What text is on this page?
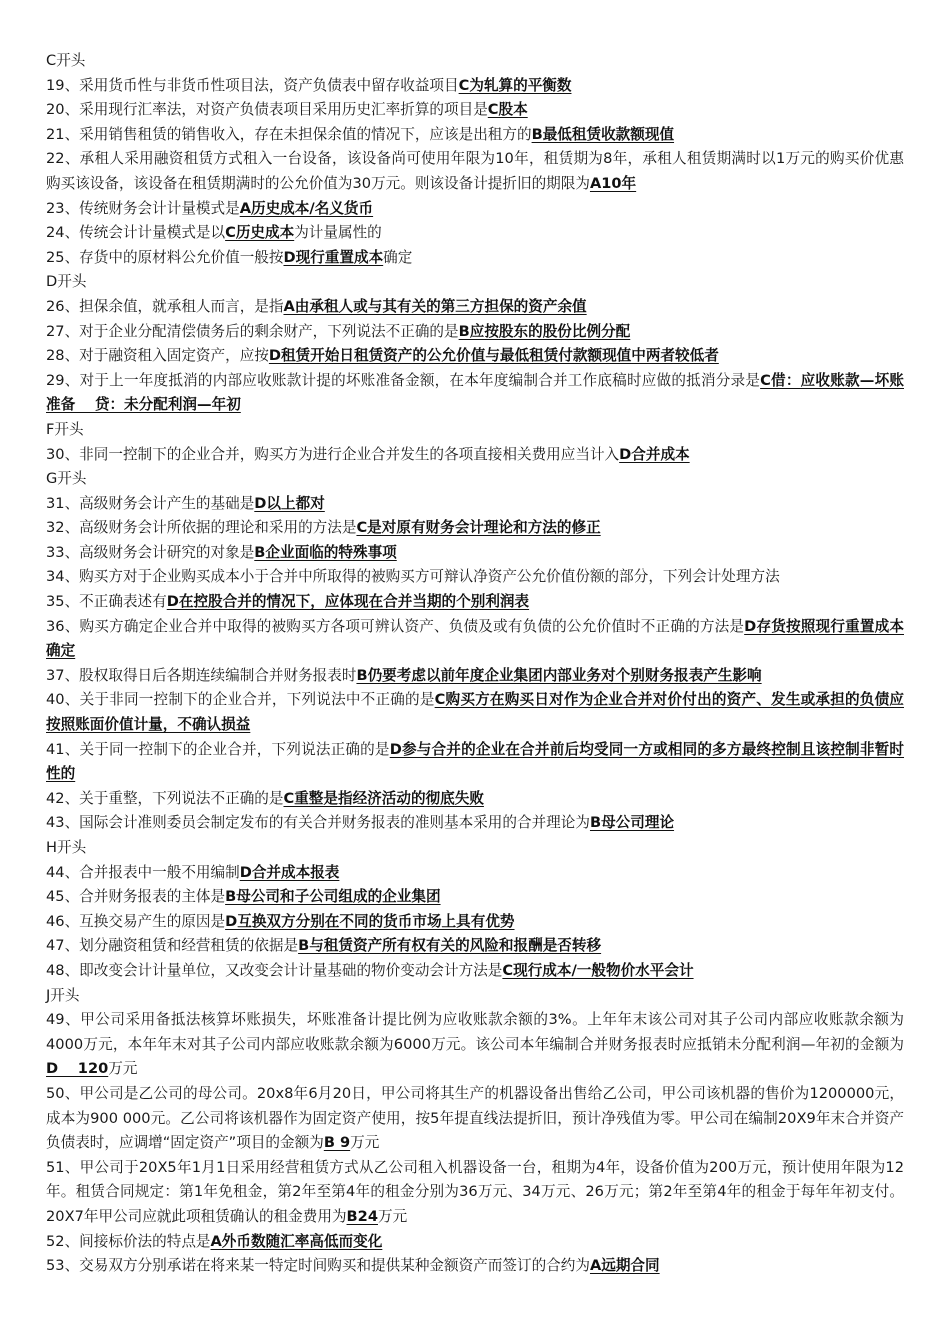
C开头

19、采用货币性与非货币性项目法，资产负债表中留存收益项目C为轧算的平衡数

20、采用现行汇率法，对资产负债表项目采用历史汇率折算的项目是C股本

21、采用销售租赁的销售收入，存在未担保余值的情况下，应该是出租方的B最低租赁收款额现值

22、承租人采用融资租赁方式租入一台设备，该设备尚可使用年限为10年，租赁期为8年，承租人租赁期满时以1万元的购买价优惠购买该设备，该设备在租赁期满时的公允价值为30万元。则该设备计提折旧的期限为A10年

23、传统财务会计计量模式是A历史成本/名义货币

24、传统会计计量模式是以C历史成本为计量属性的

25、存货中的原材料公允价值一般按D现行重置成本确定

D开头

26、担保余值，就承租人而言，是指A由承租人或与其有关的第三方担保的资产余值

27、对于企业分配清偿债务后的剩余财产，下列说法不正确的是B应按股东的股份比例分配

28、对于融资租入固定资产，应按D租赁开始日租赁资产的公允价值与最低租赁付款额现值中两者较低者

29、对于上一年度抵消的内部应收账款计提的坏账准备金额，在本年度编制合并工作底稿时应做的抵消分录是C借：应收账款—坏账准备　 贷：未分配利润—年初

F开头

30、非同一控制下的企业合并，购买方为进行企业合并发生的各项直接相关费用应当计入D合并成本

G开头

31、高级财务会计产生的基础是D以上都对

32、高级财务会计所依据的理论和采用的方法是C是对原有财务会计理论和方法的修正

33、高级财务会计研究的对象是B企业面临的特殊事项

34、购买方对于企业购买成本小于合并中所取得的被购买方可辩认净资产公允价值份额的部分，下列会计处理方法

35、不正确表述有D在控股合并的情况下，应体现在合并当期的个别利润表

36、购买方确定企业合并中取得的被购买方各项可辨认资产、负债及或有负债的公允价值时不正确的方法是D存货按照现行重置成本确定

37、股权取得日后各期连续编制合并财务报表时B仍要考虑以前年度企业集团内部业务对个别财务报表产生影响

40、关于非同一控制下的企业合并，下列说法中不正确的是C购买方在购买日对作为企业合并对价付出的资产、发生或承担的负债应按照账面价值计量，不确认损益

41、关于同一控制下的企业合并，下列说法正确的是D参与合并的企业在合并前后均受同一方或相同的多方最终控制且该控制非暂时性的

42、关于重整，下列说法不正确的是C重整是指经济活动的彻底失败

43、国际会计准则委员会制定发布的有关合并财务报表的准则基本采用的合并理论为B母公司理论

H开头

44、合并报表中一般不用编制D合并成本报表

45、合并财务报表的主体是B母公司和子公司组成的企业集团

46、互换交易产生的原因是D互换双方分别在不同的货币市场上具有优势

47、划分融资租赁和经营租赁的依据是B与租赁资产所有权有关的风险和报酬是否转移

48、即改变会计计量单位，又改变会计计量基础的物价变动会计方法是C现行成本/一般物价水平会计

J开头

49、甲公司采用备抵法核算坏账损失，坏账准备计提比例为应收账款余额的3%。上年年末该公司对其子公司内部应收账款余额为4000万元，本年年末对其子公司内部应收账款余额为6000万元。该公司本年编制合并财务报表时应抵销未分配利润—年初的金额为D　 120万元

50、甲公司是乙公司的母公司。20x8年6月20日，甲公司将其生产的机器设备出售给乙公司，甲公司该机器的售价为1200000元，成本为900 000元。乙公司将该机器作为固定资产使用，按5年提直线法提折旧，预计净残值为零。甲公司在编制20X9年末合并资产负债表时，应调增“固定资产”项目的金额为B 9万元

51、甲公司于20X5年1月1日采用经营租赁方式从乙公司租入机器设备一台，租期为4年，设备价值为200万元，预计使用年限为12年。租赁合同规定：第1年免租金，第2年至第4年的租金分别为36万元、34万元、26万元；第2年至第4年的租金于每年年初支付。20X7年甲公司应就此项租赁确认的租金费用为B24万元

52、间接标价法的特点是A外币数随汇率高低而变化

53、交易双方分别承诺在将来某一特定时间购买和提供某种金额资产而签订的合约为A远期合同
